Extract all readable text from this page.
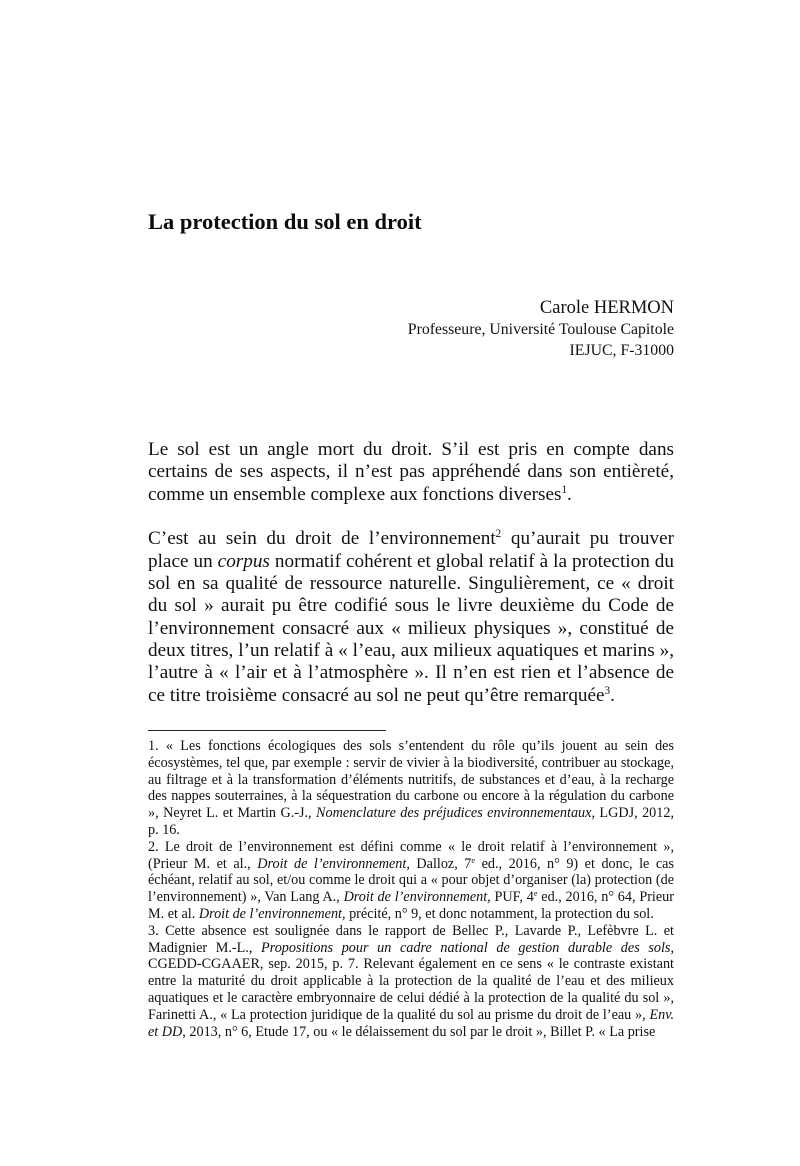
La protection du sol en droit
Carole HERMON
Professeure, Université Toulouse Capitole
IEJUC, F-31000

Le sol est un angle mort du droit. S’il est pris en compte dans certains de ses aspects, il n’est pas appréhendé dans son entièreté, comme un ensemble complexe aux fonctions diverses$^1$.

C’est au sein du droit de l’environnement$^2$ qu’aurait pu trouver place un corpus normatif cohérent et global relatif à la protection du sol en sa qualité de ressource naturelle. Singulièrement, ce « droit du sol » aurait pu être codifié sous le livre deuxième du Code de l’environnement consacré aux « milieux physiques », constitué de deux titres, l’un relatif à « l’eau, aux milieux aquatiques et marins », l’autre à « l’air et à l’atmosphère ». Il n’en est rien et l’absence de ce titre troisième consacré au sol ne peut qu’être remarquée$^3$.

1. « Les fonctions écologiques des sols s’entendent du rôle qu’ils jouent au sein des écosystèmes, tel que, par exemple : servir de vivier à la biodiversité, contribuer au stockage, au filtrage et à la transformation d’éléments nutritifs, de substances et d’eau, à la recharge des nappes souterraines, à la séquestration du carbone ou encore à la régulation du carbone », Neyret L. et Martin G.-J., Nomenclature des préjudices environnementaux, LGDJ, 2012, p. 16.

2. Le droit de l’environnement est défini comme « le droit relatif à l’environnement », (Prieur M. et al., Droit de l’environnement, Dalloz, 7e ed., 2016, n° 9) et donc, le cas échéant, relatif au sol, et/ou comme le droit qui a « pour objet d’organiser (la) protection (de l’environnement) », Van Lang A., Droit de l’environnement, PUF, 4e ed., 2016, n° 64, Prieur M. et al. Droit de l’environnement, précité, n° 9, et donc notamment, la protection du sol.

3. Cette absence est soulignée dans le rapport de Bellec P., Lavarde P., Lefèbvre L. et Madignier M.-L., Propositions pour un cadre national de gestion durable des sols, CGEDD-CGAAER, sep. 2015, p. 7. Relevant également en ce sens « le contraste existant entre la maturité du droit applicable à la protection de la qualité de l’eau et des milieux aquatiques et le caractère embryonnaire de celui dédié à la protection de la qualité du sol », Farinetti A., « La protection juridique de la qualité du sol au prisme du droit de l’eau », Env. et DD, 2013, n° 6, Etude 17, ou « le délaissement du sol par le droit », Billet P. « La prise
